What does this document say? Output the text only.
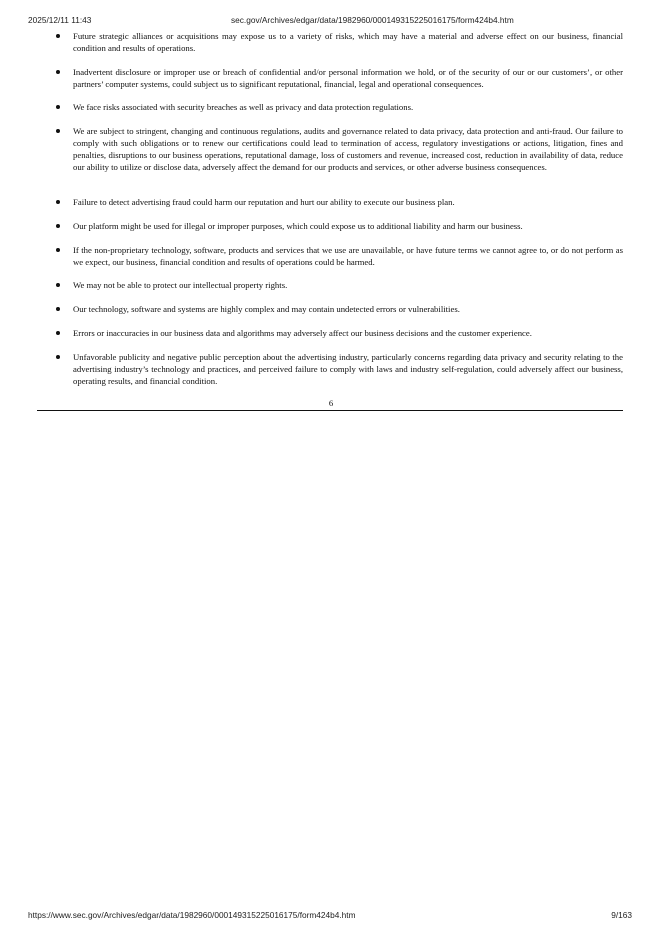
2025/12/11 11:43	sec.gov/Archives/edgar/data/1982960/000149315225016175/form424b4.htm
Future strategic alliances or acquisitions may expose us to a variety of risks, which may have a material and adverse effect on our business, financial condition and results of operations.
Inadvertent disclosure or improper use or breach of confidential and/or personal information we hold, or of the security of our or our customers’, or other partners’ computer systems, could subject us to significant reputational, financial, legal and operational consequences.
We face risks associated with security breaches as well as privacy and data protection regulations.
We are subject to stringent, changing and continuous regulations, audits and governance related to data privacy, data protection and anti-fraud. Our failure to comply with such obligations or to renew our certifications could lead to termination of access, regulatory investigations or actions, litigation, fines and penalties, disruptions to our business operations, reputational damage, loss of customers and revenue, increased cost, reduction in availability of data, reduce our ability to utilize or disclose data, adversely affect the demand for our products and services, or other adverse business consequences.
Failure to detect advertising fraud could harm our reputation and hurt our ability to execute our business plan.
Our platform might be used for illegal or improper purposes, which could expose us to additional liability and harm our business.
If the non-proprietary technology, software, products and services that we use are unavailable, or have future terms we cannot agree to, or do not perform as we expect, our business, financial condition and results of operations could be harmed.
We may not be able to protect our intellectual property rights.
Our technology, software and systems are highly complex and may contain undetected errors or vulnerabilities.
Errors or inaccuracies in our business data and algorithms may adversely affect our business decisions and the customer experience.
Unfavorable publicity and negative public perception about the advertising industry, particularly concerns regarding data privacy and security relating to the advertising industry’s technology and practices, and perceived failure to comply with laws and industry self-regulation, could adversely affect our business, operating results, and financial condition.
6
https://www.sec.gov/Archives/edgar/data/1982960/000149315225016175/form424b4.htm	9/163
